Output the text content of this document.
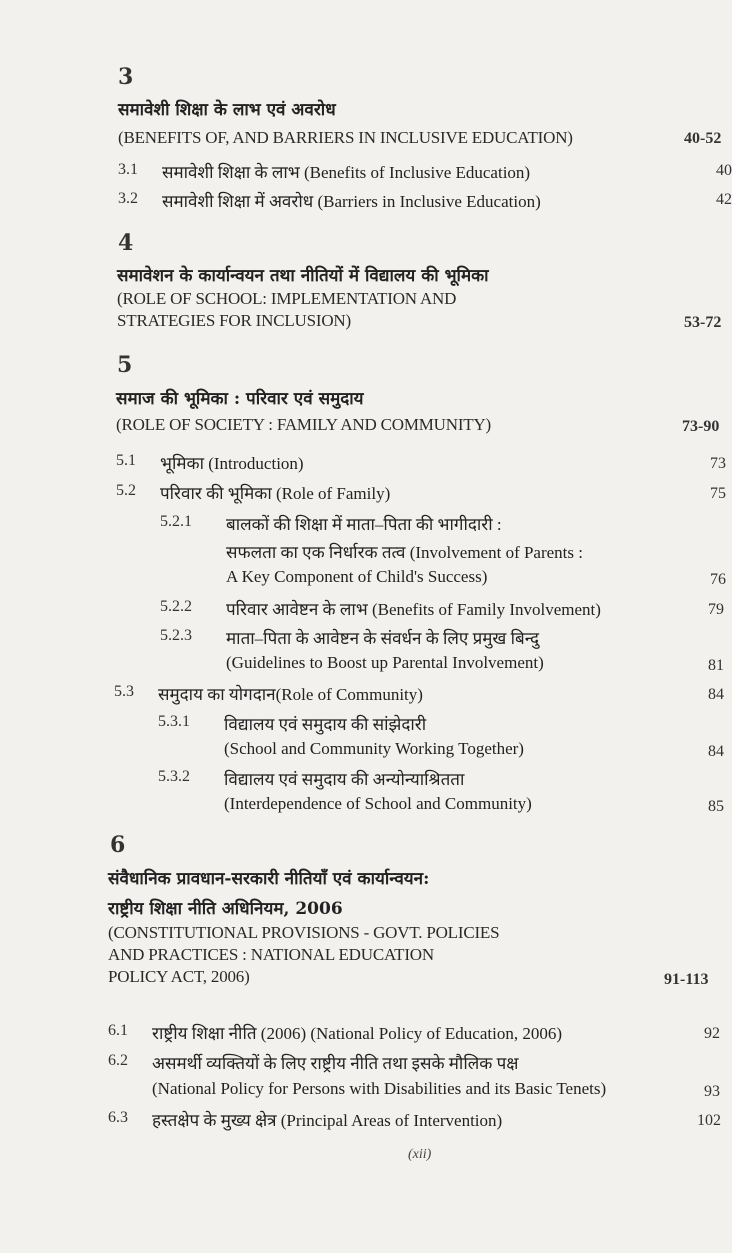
3
समावेशी शिक्षा के लाभ एवं अवरोध
(BENEFITS OF, AND BARRIERS IN INCLUSIVE EDUCATION)	40-52
3.1 समावेशी शिक्षा के लाभ (Benefits of Inclusive Education)	40
3.2 समावेशी शिक्षा में अवरोध (Barriers in Inclusive Education)	42
4
समावेशन के कार्यान्वयन तथा नीतियों में विद्यालय की भूमिका
(ROLE OF SCHOOL: IMPLEMENTATION AND
STRATEGIES FOR INCLUSION)	53-72
5
समाज की भूमिका : परिवार एवं समुदाय
(ROLE OF SOCIETY : FAMILY AND COMMUNITY)	73-90
5.1 भूमिका (Introduction)	73
5.2 परिवार की भूमिका (Role of Family)	75
5.2.1 बालकों की शिक्षा में माता–पिता की भागीदारी :
सफलता का एक निर्धारक तत्व (Involvement of Parents :
A Key Component of Child's Success)	76
5.2.2 परिवार आवेष्टन के लाभ (Benefits of Family Involvement)	79
5.2.3 माता–पिता के आवेष्टन के संवर्धन के लिए प्रमुख बिन्दु
(Guidelines to Boost up Parental Involvement)	81
5.3 समुदाय का योगदान(Role of Community)	84
5.3.1 विद्यालय एवं समुदाय की सांझेदारी
(School and Community Working Together)	84
5.3.2 विद्यालय एवं समुदाय की अन्योन्याश्रितता
(Interdependence of School and Community)	85
6
संवैधानिक प्रावधान-सरकारी नीतियाँ एवं कार्यान्वयन:
राष्ट्रीय शिक्षा नीति अधिनियम, 2006
(CONSTITUTIONAL PROVISIONS - GOVT. POLICIES
AND PRACTICES : NATIONAL EDUCATION
POLICY ACT, 2006)	91-113
6.1 राष्ट्रीय शिक्षा नीति (2006) (National Policy of Education, 2006)	92
6.2 असमर्थी व्यक्तियों के लिए राष्ट्रीय नीति तथा इसके मौलिक पक्ष
(National Policy for Persons with Disabilities and its Basic Tenets)	93
6.3 हस्तक्षेप के मुख्य क्षेत्र (Principal Areas of Intervention)	102
(xii)
